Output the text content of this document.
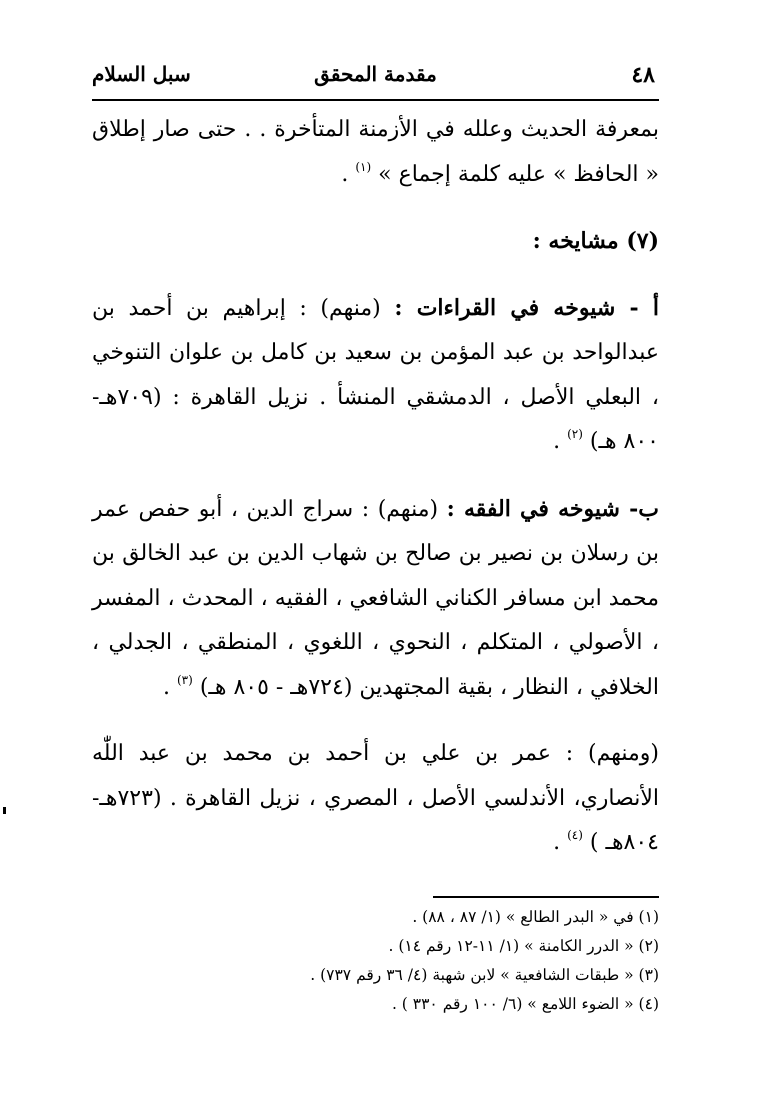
٤٨
مقدمة المحقق
سبل السلام

بمعرفة الحديث وعلله في الأزمنة المتأخرة . . حتى صار إطلاق « الحافظ » عليه كلمة إجماع » $^{(١)}$ .

(٧) مشايخه :

أ - شيوخه في القراءات : (منهم) : إبراهيم بن أحمد بن عبدالواحد بن عبد المؤمن بن سعيد بن كامل بن علوان التنوخي ، البعلي الأصل ، الدمشقي المنشأ . نزيل القاهرة : (٧٠٩هـ- ٨٠٠ هـ) $^{(٢)}$ .

ب- شيوخه في الفقه : (منهم) : سراج الدين ، أبو حفص عمر بن رسلان بن نصير بن صالح بن شهاب الدين بن عبد الخالق بن محمد ابن مسافر الكناني الشافعي ، الفقيه ، المحدث ، المفسر ، الأصولي ، المتكلم ، النحوي ، اللغوي ، المنطقي ، الجدلي ، الخلافي ، النظار ، بقية المجتهدين (٧٢٤هـ - ٨٠٥ هـ) $^{(٣)}$ .

(ومنهم) : عمر بن علي بن أحمد بن محمد بن عبد اللّٰه الأنصاري، الأندلسي الأصل ، المصري ، نزيل القاهرة . (٧٢٣هـ- ٨٠٤هـ ) $^{(٤)}$ .

(١) في « البدر الطالع » (١/ ٨٧ ، ٨٨) .

(٢) « الدرر الكامنة » (١/ ١١-١٢ رقم ١٤) .

(٣) « طبقات الشافعية » لابن شهبة (٤/ ٣٦ رقم ٧٣٧) .

(٤) « الضوء اللامع » (٦/ ١٠٠ رقم ٣٣٠ ) .
